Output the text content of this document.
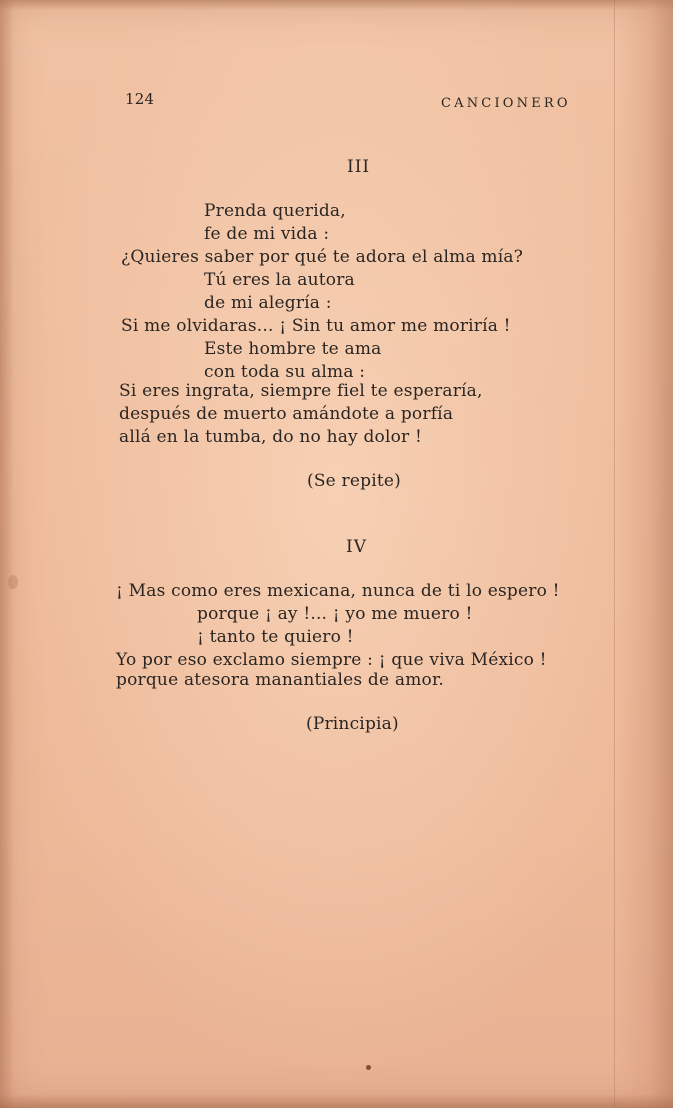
124	CANCIONERO
III
Prenda querida,
fe de mi vida :
¿Quieres saber por qué te adora el alma mía?
Tú eres la autora
de mi alegría :
Si me olvidaras... ¡ Sin tu amor me moriría !
Este hombre te ama
con toda su alma :
Si eres ingrata, siempre fiel te esperaría,
después de muerto amándote a porfía
allá en la tumba, do no hay dolor !
(Se repite)
IV
¡ Mas como eres mexicana, nunca de ti lo espero !
porque ¡ ay !... ¡ yo me muero !
¡ tanto te quiero !
Yo por eso exclamo siempre : ¡ que viva México !
porque atesora manantiales de amor.
(Principia)
